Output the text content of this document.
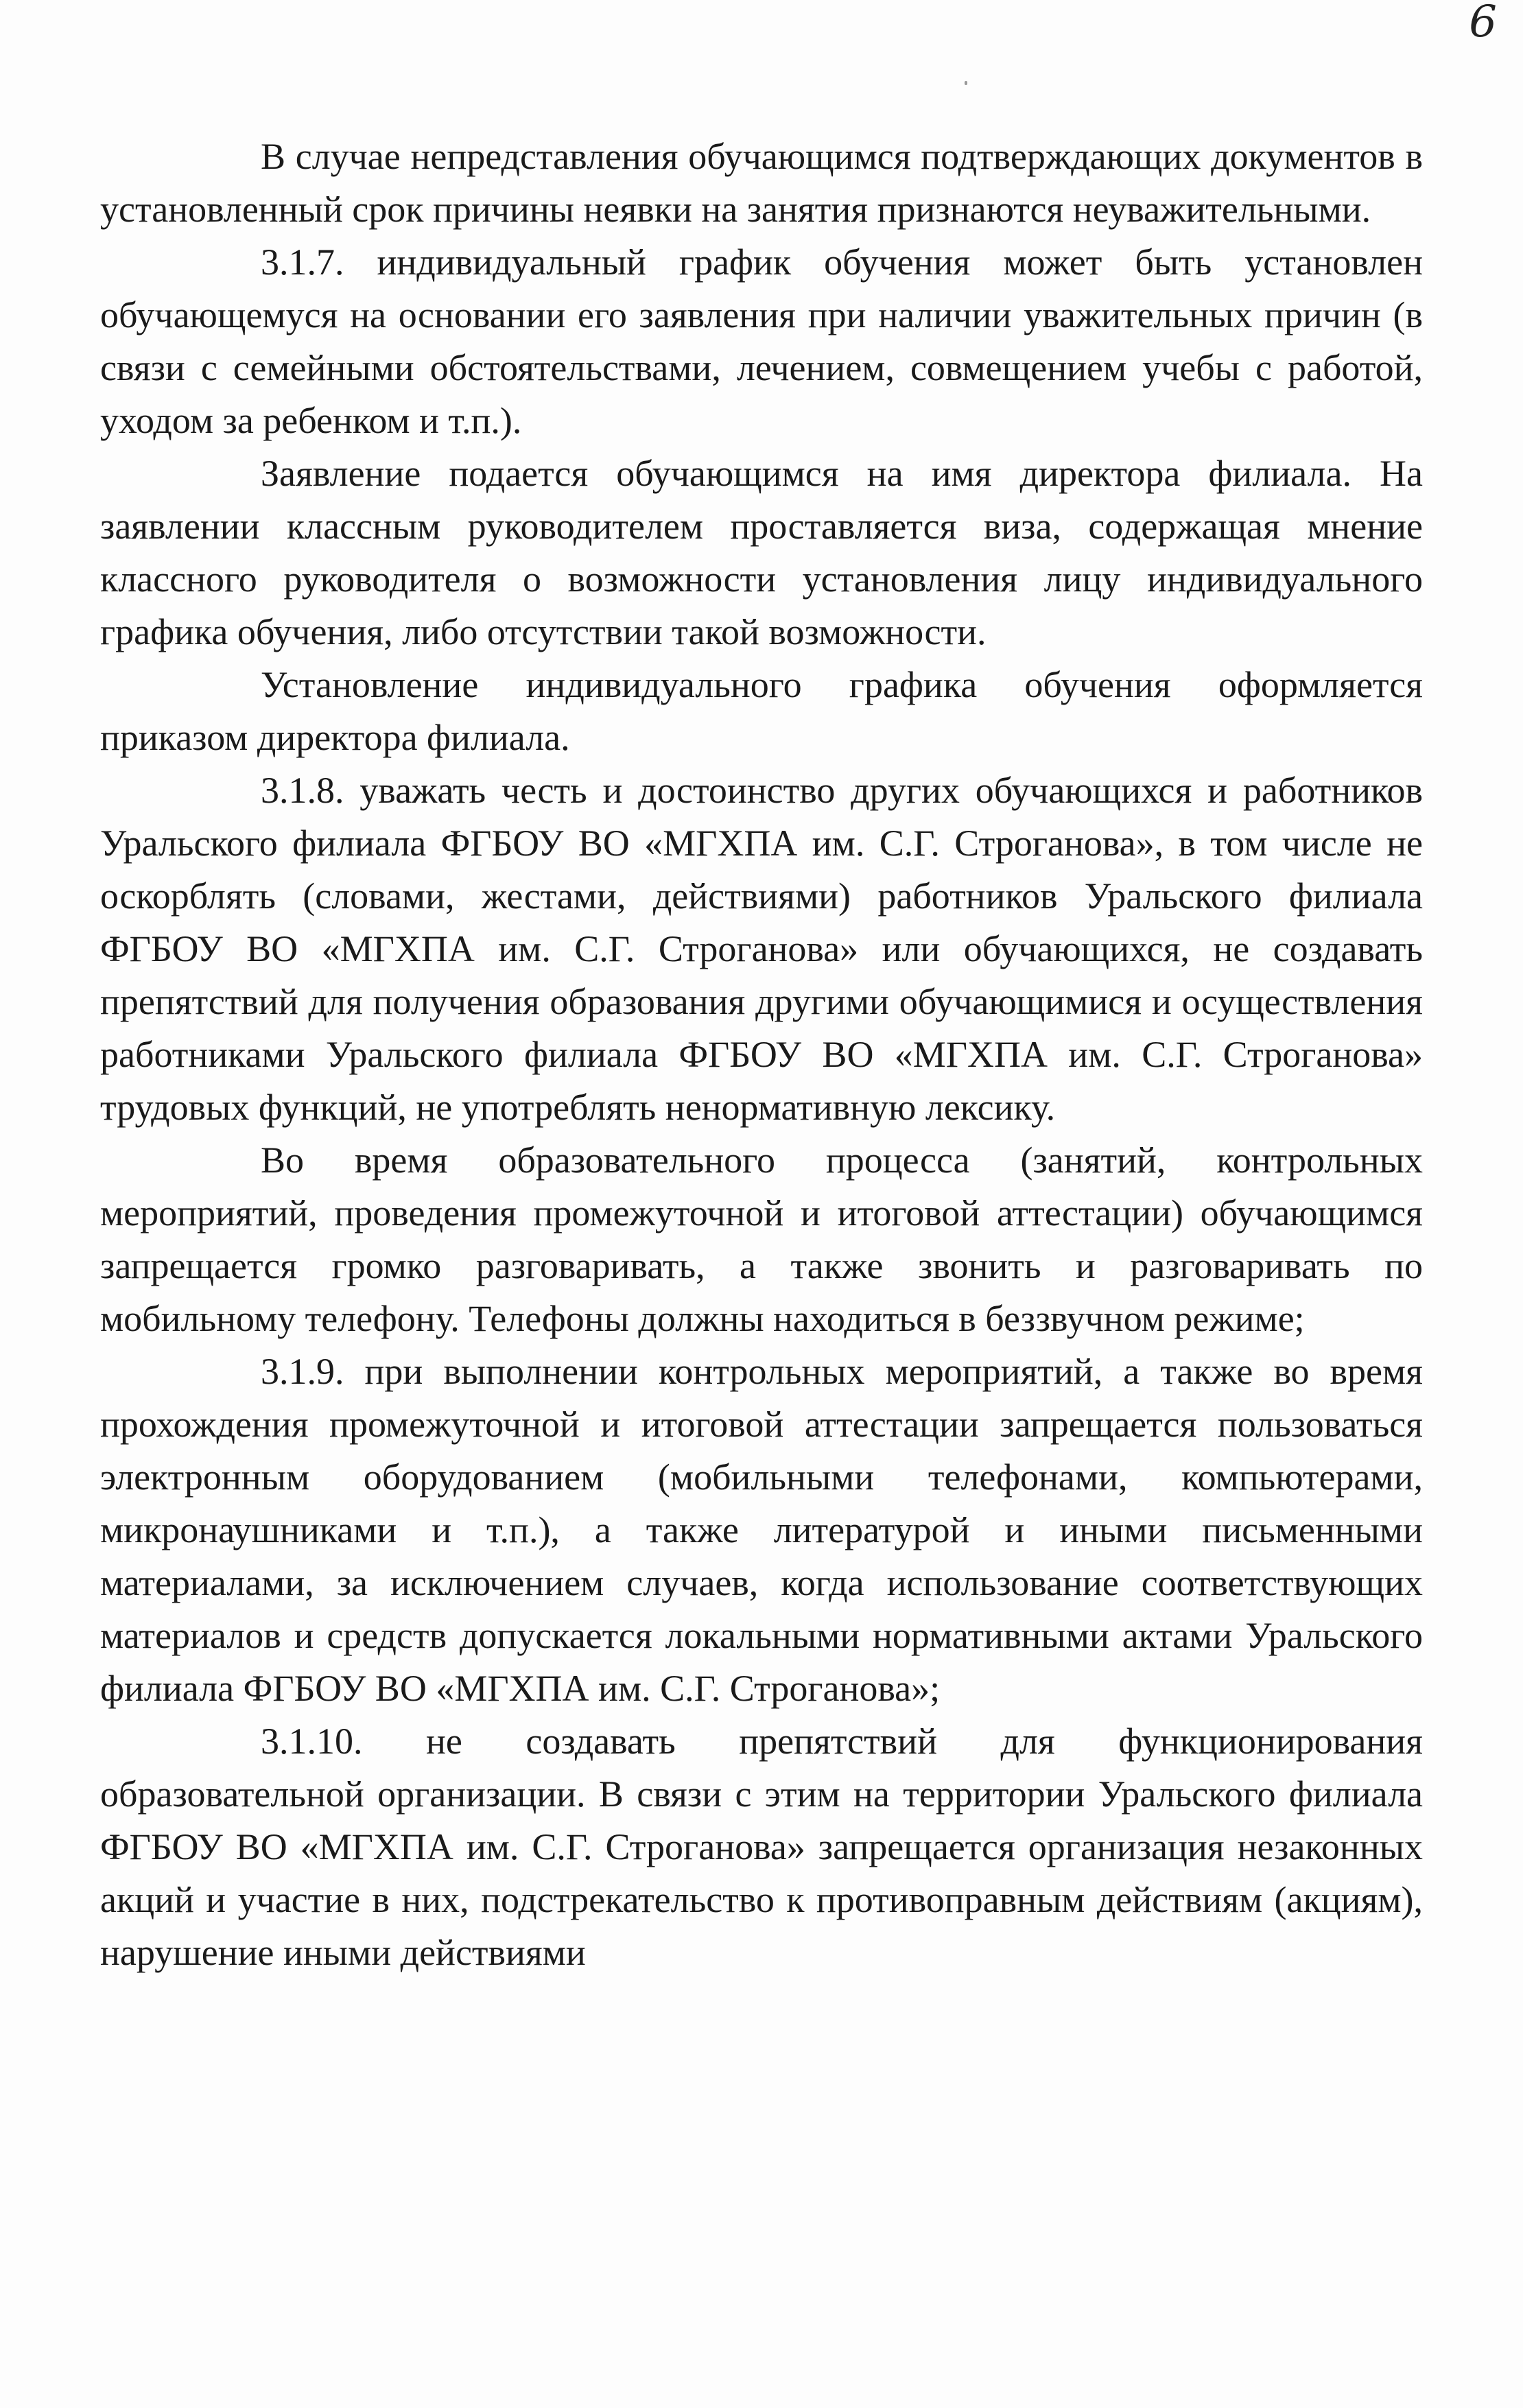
6

В случае непредставления обучающимся подтверждающих документов в установленный срок причины неявки на занятия признаются неуважительными.

3.1.7. индивидуальный график обучения может быть установлен обучающемуся на основании его заявления при наличии уважительных причин (в связи с семейными обстоятельствами, лечением, совмещением учебы с работой, уходом за ребенком и т.п.).

Заявление подается обучающимся на имя директора филиала. На заявлении классным руководителем проставляется виза, содержащая мнение классного руководителя о возможности установления лицу индивидуального графика обучения, либо отсутствии такой возможности.

Установление индивидуального графика обучения оформляется приказом директора филиала.

3.1.8. уважать честь и достоинство других обучающихся и работников Уральского филиала ФГБОУ ВО «МГХПА им. С.Г. Строганова», в том числе не оскорблять (словами, жестами, действиями) работников Уральского филиала ФГБОУ ВО «МГХПА им. С.Г. Строганова» или обучающихся, не создавать препятствий для получения образования другими обучающимися и осуществления работниками Уральского филиала ФГБОУ ВО «МГХПА им. С.Г. Строганова» трудовых функций, не употреблять ненормативную лексику.

Во время образовательного процесса (занятий, контрольных мероприятий, проведения промежуточной и итоговой аттестации) обучающимся запрещается громко разговаривать, а также звонить и разговаривать по мобильному телефону. Телефоны должны находиться в беззвучном режиме;

3.1.9. при выполнении контрольных мероприятий, а также во время прохождения промежуточной и итоговой аттестации запрещается пользоваться электронным оборудованием (мобильными телефонами, компьютерами, микронаушниками и т.п.), а также литературой и иными письменными материалами, за исключением случаев, когда использование соответствующих материалов и средств допускается локальными нормативными актами Уральского филиала ФГБОУ ВО «МГХПА им. С.Г. Строганова»;

3.1.10. не создавать препятствий для функционирования образовательной организации. В связи с этим на территории Уральского филиала ФГБОУ ВО «МГХПА им. С.Г. Строганова» запрещается организация незаконных акций и участие в них, подстрекательство к противоправным действиям (акциям), нарушение иными действиями
